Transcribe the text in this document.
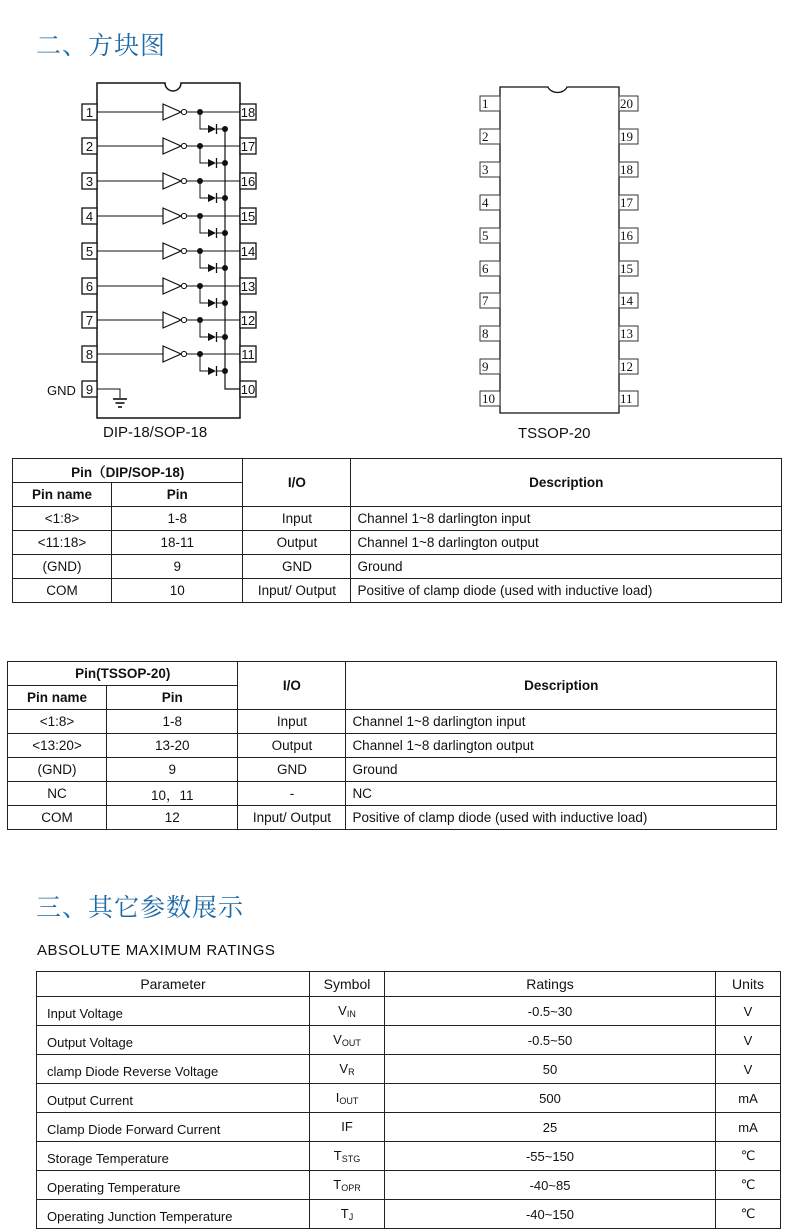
二、方块图
1	18
2	17
3	16
4	15
5	14
6	13
7	12
8	11
9	10
GND
1	20
2	19
3	18
4	17
5	16
6	15
7	14
8	13
9	12
10	11
DIP-18/SOP-18	TSSOP-20
Pin（DIP/SOP-18)		I/O	Description
Pin name	Pin		
<1:8>	1-8	Input	Channel 1~8 darlington input
<11:18>	18-11	Output	Channel 1~8 darlington output
(GND)	9	GND	Ground
COM	10	Input/ Output	Positive of clamp diode (used with inductive load)
Pin(TSSOP-20)		I/O	Description
Pin name	Pin		
<1:8>	1-8	Input	Channel 1~8 darlington input
<13:20>	13-20	Output	Channel 1~8 darlington output
(GND)	9	GND	Ground
NC	10，11	-	NC
COM	12	Input/ Output	Positive of clamp diode (used with inductive load)
三、其它参数展示
ABSOLUTE MAXIMUM RATINGS
Parameter	Symbol	Ratings	Units
Input Voltage	$V_{IN}$	-0.5~30	V
Output Voltage	$V_{OUT}$	-0.5~50	V
clamp Diode Reverse Voltage	$V_R$	50	V
Output Current	$I_{OUT}$	500	mA
Clamp Diode Forward Current	IF	25	mA
Storage Temperature	$T_{STG}$	-55~150	℃
Operating Temperature	$T_{OPR}$	-40~85	℃
Operating Junction Temperature	$T_J$	-40~150	℃
